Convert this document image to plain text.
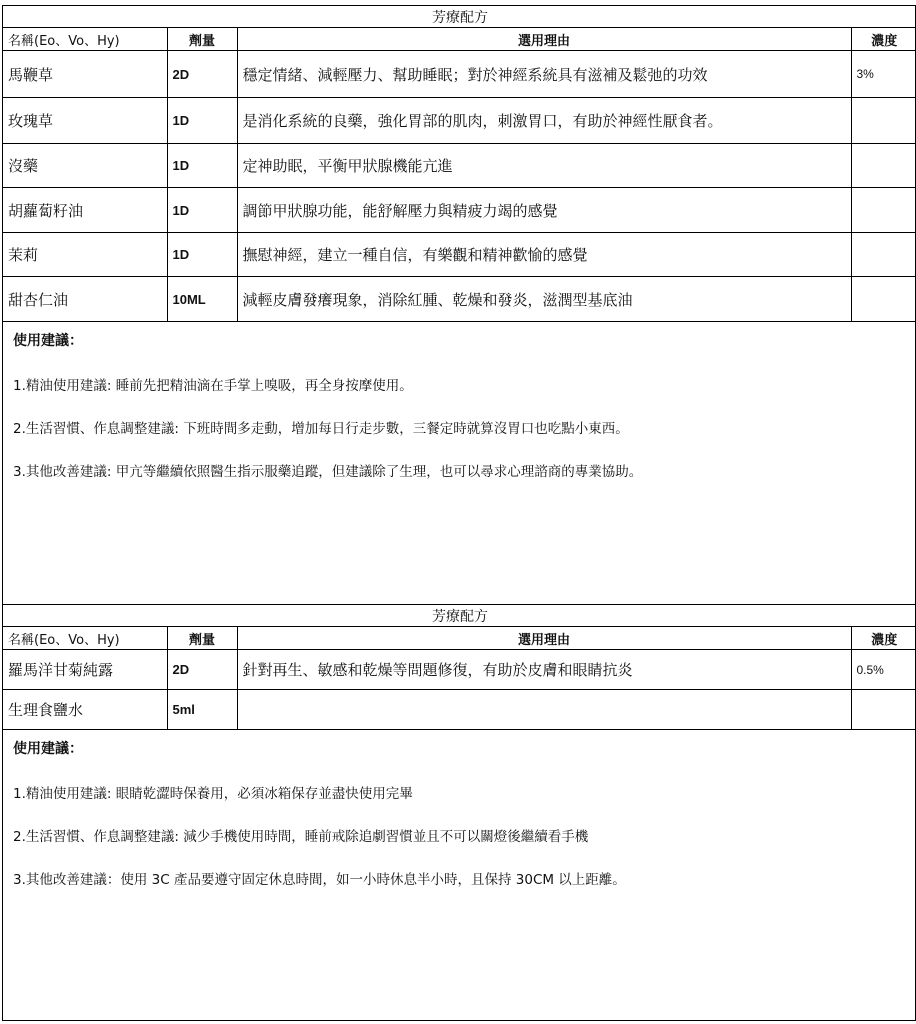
芳療配方			
名稱(Eo、Vo、Hy)	劑量	選用理由	濃度
馬鞭草	2D	穩定情緒、減輕壓力、幫助睡眠；對於神經系統具有滋補及鬆弛的功效	3%
玫瑰草	1D	是消化系統的良藥，強化胃部的肌肉，刺激胃口，有助於神經性厭食者。	
沒藥	1D	定神助眠，平衡甲狀腺機能亢進	
胡蘿蔔籽油	1D	調節甲狀腺功能，能舒解壓力與精疲力竭的感覺	
茉莉	1D	撫慰神經，建立一種自信，有樂觀和精神歡愉的感覺	
甜杏仁油	10ML	減輕皮膚發癢現象，消除紅腫、乾燥和發炎，滋潤型基底油	
使用建議：
1.精油使用建議: 睡前先把精油滴在手掌上嗅吸，再全身按摩使用。
2.生活習慣、作息調整建議: 下班時間多走動，增加每日行走步數，三餐定時就算沒胃口也吃點小東西。
3.其他改善建議: 甲亢等繼續依照醫生指示服藥追蹤，但建議除了生理，也可以尋求心理諮商的專業協助。
芳療配方			
名稱(Eo、Vo、Hy)	劑量	選用理由	濃度
羅馬洋甘菊純露	2D	針對再生、敏感和乾燥等問題修復，有助於皮膚和眼睛抗炎	0.5%
生理食鹽水	5ml		
使用建議：
1.精油使用建議: 眼睛乾澀時保養用，必須冰箱保存並盡快使用完畢
2.生活習慣、作息調整建議: 減少手機使用時間，睡前戒除追劇習慣並且不可以關燈後繼續看手機
3.其他改善建議：使用 3C 產品要遵守固定休息時間，如一小時休息半小時，且保持 30CM 以上距離。
